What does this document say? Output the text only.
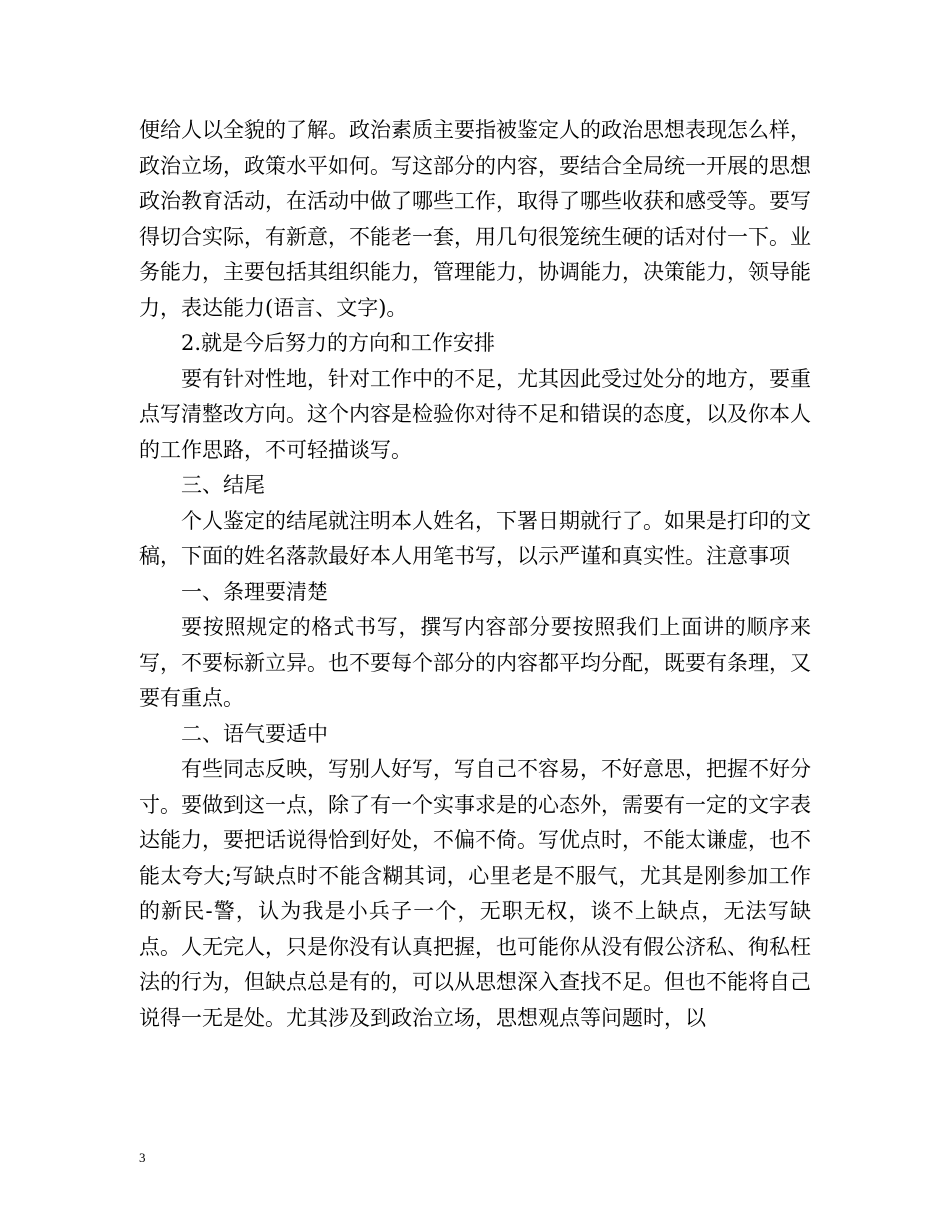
便给人以全貌的了解。政治素质主要指被鉴定人的政治思想表现怎么样，政治立场，政策水平如何。写这部分的内容，要结合全局统一开展的思想政治教育活动，在活动中做了哪些工作，取得了哪些收获和感受等。要写得切合实际，有新意，不能老一套，用几句很笼统生硬的话对付一下。业务能力，主要包括其组织能力，管理能力，协调能力，决策能力，领导能力，表达能力(语言、文字)。

2.就是今后努力的方向和工作安排

要有针对性地，针对工作中的不足，尤其因此受过处分的地方，要重点写清整改方向。这个内容是检验你对待不足和错误的态度，以及你本人的工作思路，不可轻描谈写。

三、结尾

个人鉴定的结尾就注明本人姓名，下署日期就行了。如果是打印的文稿，下面的姓名落款最好本人用笔书写，以示严谨和真实性。注意事项

一、条理要清楚

要按照规定的格式书写，撰写内容部分要按照我们上面讲的顺序来写，不要标新立异。也不要每个部分的内容都平均分配，既要有条理，又要有重点。

二、语气要适中

有些同志反映，写别人好写，写自己不容易，不好意思，把握不好分寸。要做到这一点，除了有一个实事求是的心态外，需要有一定的文字表达能力，要把话说得恰到好处，不偏不倚。写优点时，不能太谦虚，也不能太夸大;写缺点时不能含糊其词，心里老是不服气，尤其是刚参加工作的新民-警，认为我是小兵子一个，无职无权，谈不上缺点，无法写缺点。人无完人，只是你没有认真把握，也可能你从没有假公济私、徇私枉法的行为，但缺点总是有的，可以从思想深入查找不足。但也不能将自己说得一无是处。尤其涉及到政治立场，思想观点等问题时，以

3
